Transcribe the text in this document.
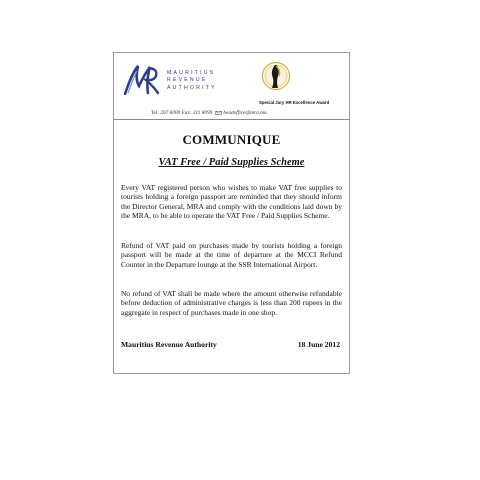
MAURITIUS
REVENUE
AUTHORITY
Special Jury HR Excellence Award
Tel: 207 6000 Fax: 211 8099 headoffice@mra.mu
COMMUNIQUE
VAT Free / Paid Supplies Scheme
Every VAT registered person who wishes to make VAT free supplies to tourists holding a foreign passport are reminded that they should inform the Director General, MRA and comply with the conditions laid down by the MRA, to be able to operate the VAT Free / Paid Supplies Scheme.
Refund of VAT paid on purchases made by tourists holding a foreign passport will be made at the time of departure at the MCCI Refund Counter in the Departure lounge at the SSR International Airport.
No refund of VAT shall be made where the amount otherwise refundable before deduction of administrative charges is less than 200 rupees in the aggregate in respect of purchases made in one shop.
Mauritius Revenue Authority	18 June 2012
